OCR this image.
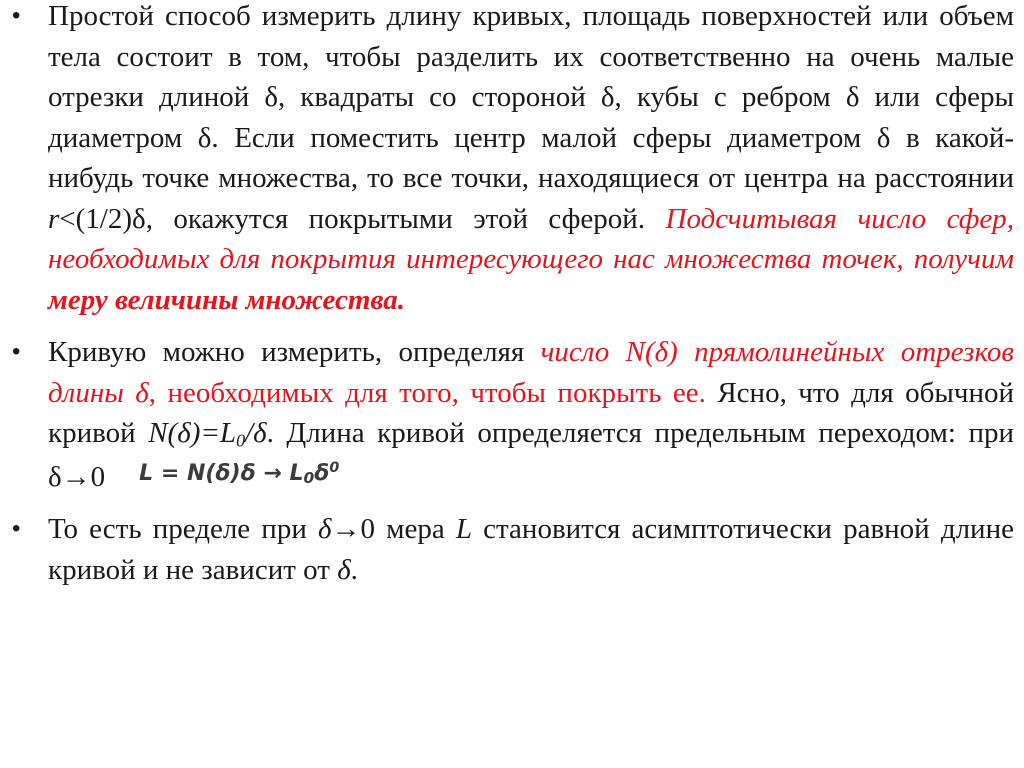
• Простой способ измерить длину кривых, площадь поверхностей или объем тела состоит в том, чтобы разделить их соответственно на очень малые отрезки длиной δ, квадраты со стороной δ, кубы с ребром δ или сферы диаметром δ. Если поместить центр малой сферы диаметром δ в какой-нибудь точке множества, то все точки, находящиеся от центра на расстоянии r<(1/2)δ, окажутся покрытыми этой сферой. Подсчитывая число сфер, необходимых для покрытия интересующего нас множества точек, получим меру величины множества.
• Кривую можно измерить, определяя число N(δ) прямолинейных отрезков длины δ, необходимых для того, чтобы покрыть ее. Ясно, что для обычной кривой $N(\delta)=L_0/\delta$. Длина кривой определяется предельным переходом: при δ→0 $L = N(\delta)\delta \to L_0\delta^0$
• То есть пределе при δ→0 мера L становится асимптотически равной длине кривой и не зависит от δ.
